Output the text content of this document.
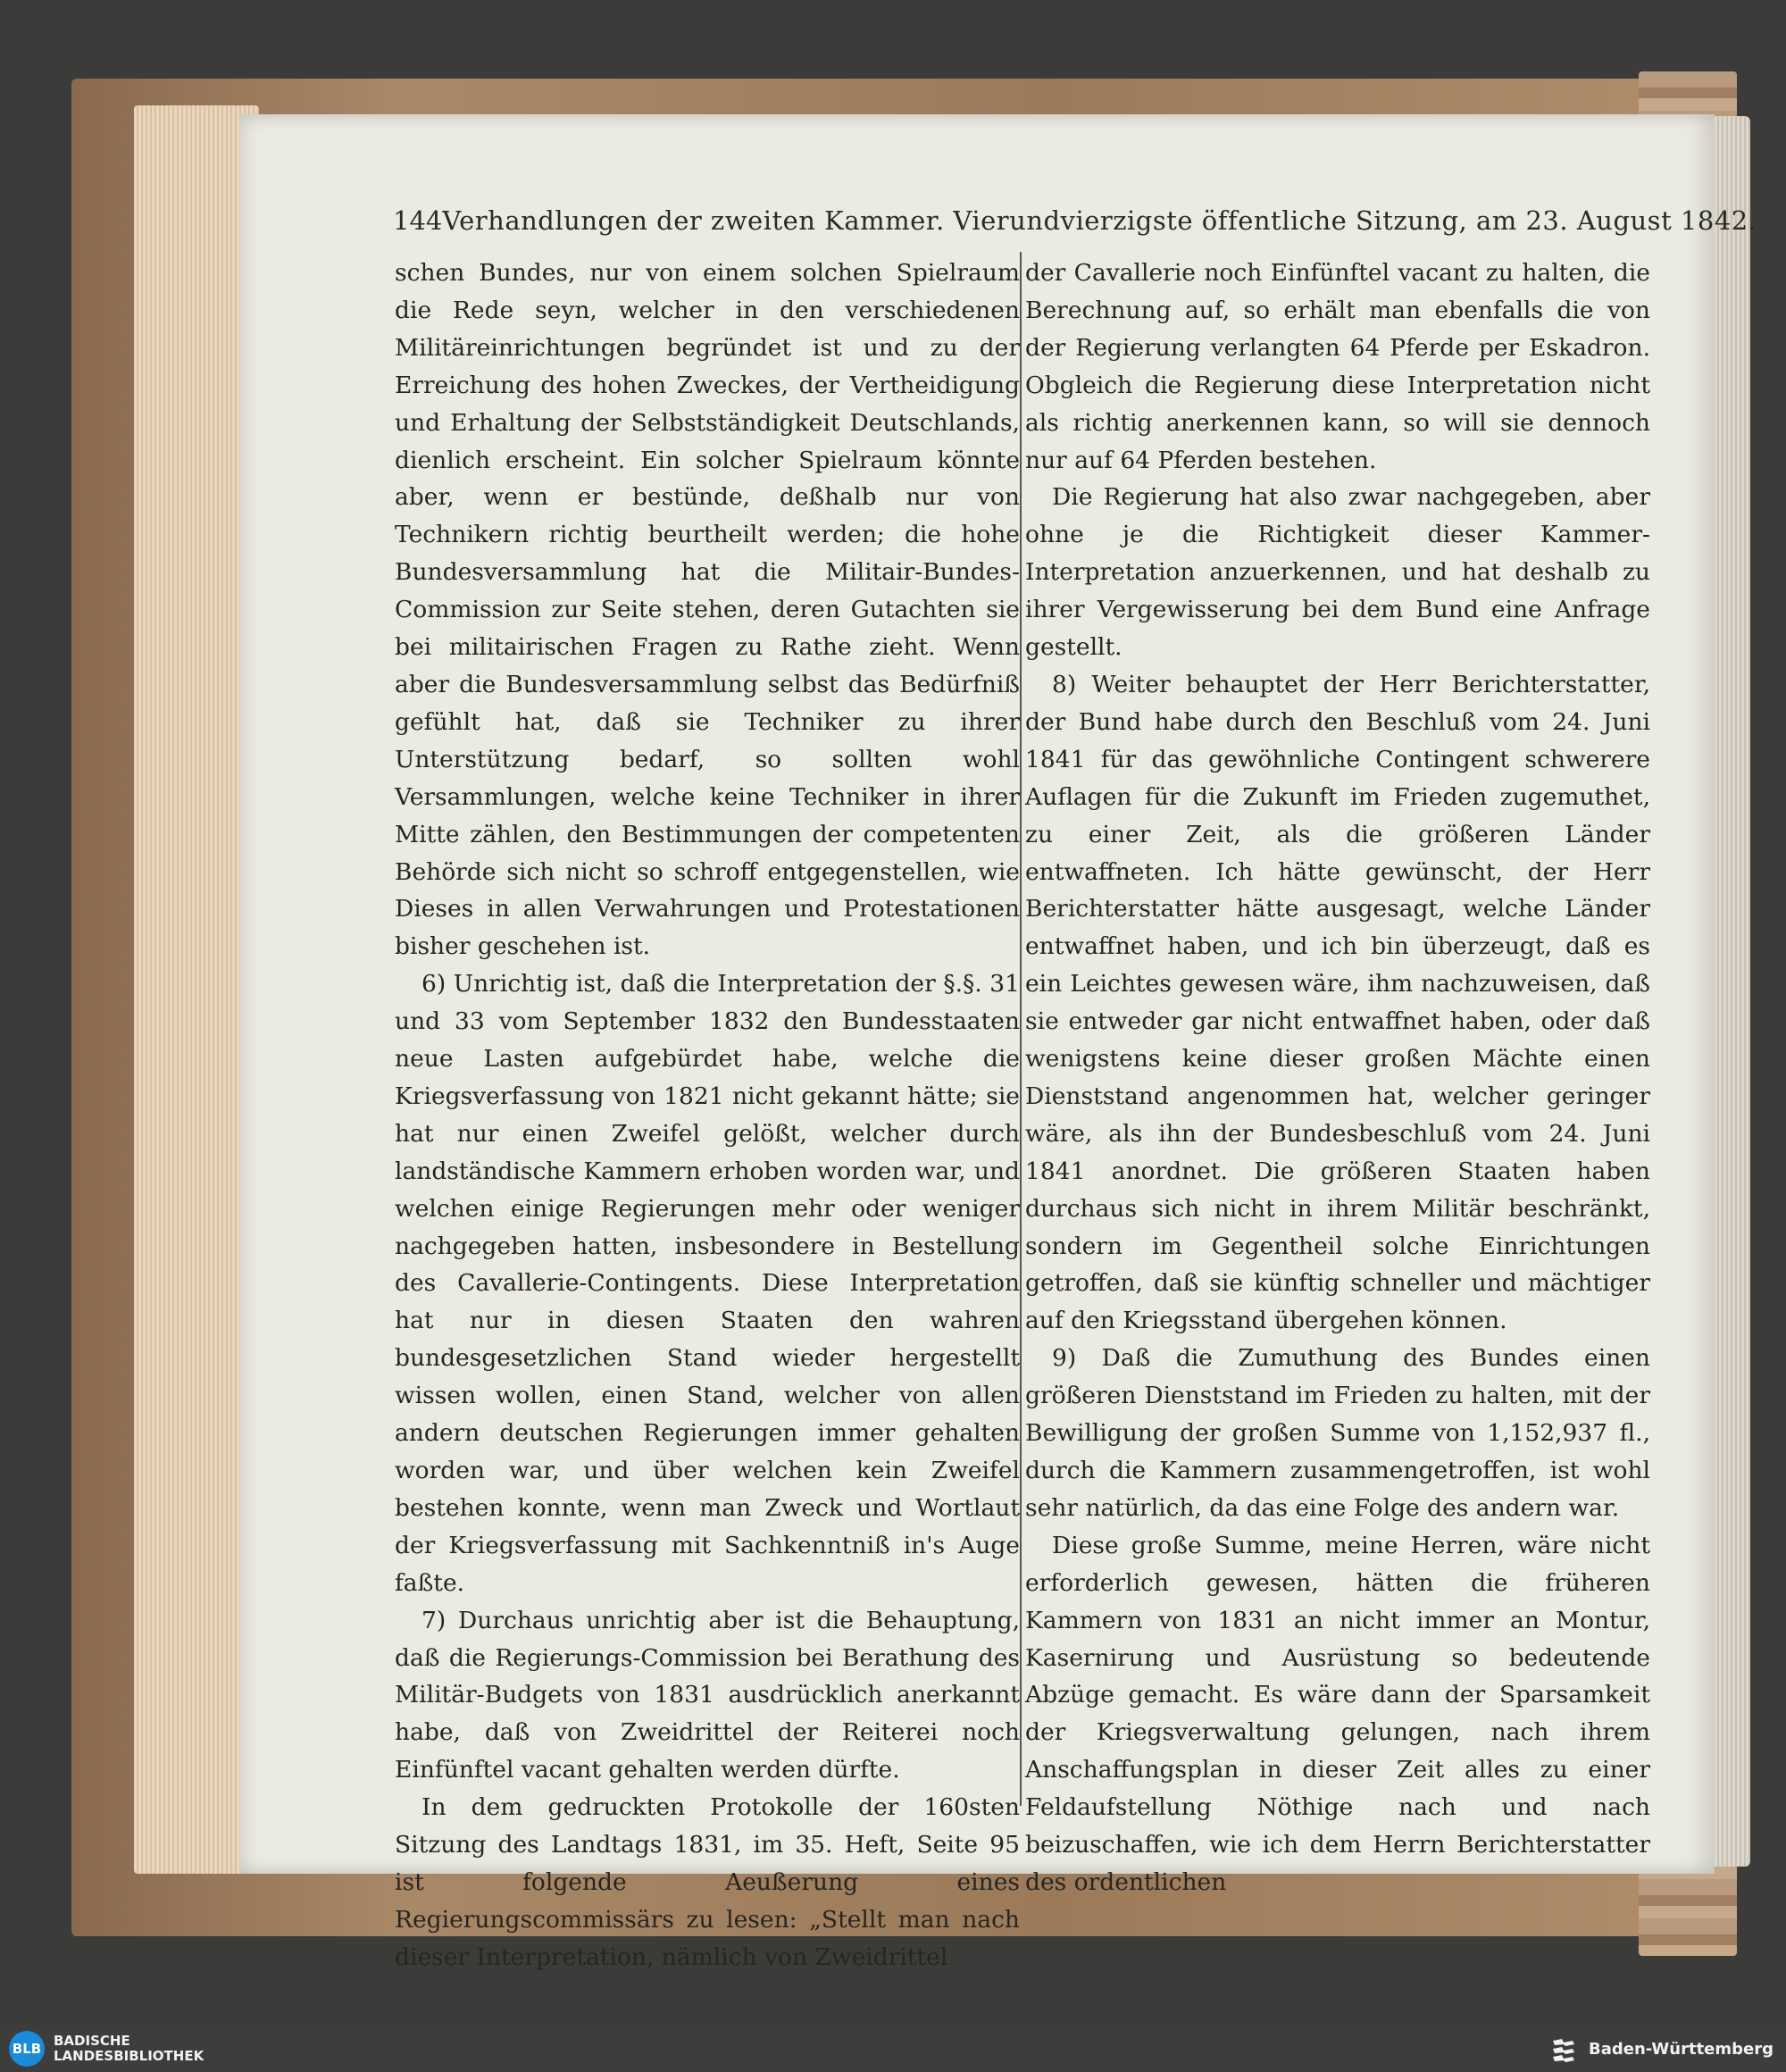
144 Verhandlungen der zweiten Kammer. Vierundvierzigste öffentliche Sitzung, am 23. August 1842.

schen Bundes, nur von einem solchen Spielraum die Rede seyn, welcher in den verschiedenen Militäreinrichtungen begründet ist und zu der Erreichung des hohen Zweckes, der Vertheidigung und Erhaltung der Selbstständigkeit Deutschlands, dienlich erscheint. Ein solcher Spielraum könnte aber, wenn er bestünde, deßhalb nur von Technikern richtig beurtheilt werden; die hohe Bundesversammlung hat die Militair-Bundes-Commission zur Seite stehen, deren Gutachten sie bei militairischen Fragen zu Rathe zieht. Wenn aber die Bundesversammlung selbst das Bedürfniß gefühlt hat, daß sie Techniker zu ihrer Unterstützung bedarf, so sollten wohl Versammlungen, welche keine Techniker in ihrer Mitte zählen, den Bestimmungen der competenten Behörde sich nicht so schroff entgegenstellen, wie Dieses in allen Verwahrungen und Protestationen bisher geschehen ist.

6) Unrichtig ist, daß die Interpretation der §.§. 31 und 33 vom September 1832 den Bundesstaaten neue Lasten aufgebürdet habe, welche die Kriegsverfassung von 1821 nicht gekannt hätte; sie hat nur einen Zweifel gelößt, welcher durch landständische Kammern erhoben worden war, und welchen einige Regierungen mehr oder weniger nachgegeben hatten, insbesondere in Bestellung des Cavallerie-Contingents. Diese Interpretation hat nur in diesen Staaten den wahren bundesgesetzlichen Stand wieder hergestellt wissen wollen, einen Stand, welcher von allen andern deutschen Regierungen immer gehalten worden war, und über welchen kein Zweifel bestehen konnte, wenn man Zweck und Wortlaut der Kriegsverfassung mit Sachkenntniß in's Auge faßte.

7) Durchaus unrichtig aber ist die Behauptung, daß die Regierungs-Commission bei Berathung des Militär-Budgets von 1831 ausdrücklich anerkannt habe, daß von Zweidrittel der Reiterei noch Einfünftel vacant gehalten werden dürfte.

In dem gedruckten Protokolle der 160sten Sitzung des Landtags 1831, im 35. Heft, Seite 95 ist folgende Aeußerung eines Regierungscommissärs zu lesen: „Stellt man nach dieser Interpretation, nämlich von Zweidrittel

der Cavallerie noch Einfünftel vacant zu halten, die Berechnung auf, so erhält man ebenfalls die von der Regierung verlangten 64 Pferde per Eskadron. Obgleich die Regierung diese Interpretation nicht als richtig anerkennen kann, so will sie dennoch nur auf 64 Pferden bestehen.

Die Regierung hat also zwar nachgegeben, aber ohne je die Richtigkeit dieser Kammer-Interpretation anzuerkennen, und hat deshalb zu ihrer Vergewisserung bei dem Bund eine Anfrage gestellt.

8) Weiter behauptet der Herr Berichterstatter, der Bund habe durch den Beschluß vom 24. Juni 1841 für das gewöhnliche Contingent schwerere Auflagen für die Zukunft im Frieden zugemuthet, zu einer Zeit, als die größeren Länder entwaffneten. Ich hätte gewünscht, der Herr Berichterstatter hätte ausgesagt, welche Länder entwaffnet haben, und ich bin überzeugt, daß es ein Leichtes gewesen wäre, ihm nachzuweisen, daß sie entweder gar nicht entwaffnet haben, oder daß wenigstens keine dieser großen Mächte einen Dienststand angenommen hat, welcher geringer wäre, als ihn der Bundesbeschluß vom 24. Juni 1841 anordnet. Die größeren Staaten haben durchaus sich nicht in ihrem Militär beschränkt, sondern im Gegentheil solche Einrichtungen getroffen, daß sie künftig schneller und mächtiger auf den Kriegsstand übergehen können.

9) Daß die Zumuthung des Bundes einen größeren Dienststand im Frieden zu halten, mit der Bewilligung der großen Summe von 1,152,937 fl., durch die Kammern zusammengetroffen, ist wohl sehr natürlich, da das eine Folge des andern war.

Diese große Summe, meine Herren, wäre nicht erforderlich gewesen, hätten die früheren Kammern von 1831 an nicht immer an Montur, Kasernirung und Ausrüstung so bedeutende Abzüge gemacht. Es wäre dann der Sparsamkeit der Kriegsverwaltung gelungen, nach ihrem Anschaffungsplan in dieser Zeit alles zu einer Feldaufstellung Nöthige nach und nach beizuschaffen, wie ich dem Herrn Berichterstatter des ordentlichen

BLB BADISCHE
LANDESBIBLIOTHEK	Baden-Württemberg
